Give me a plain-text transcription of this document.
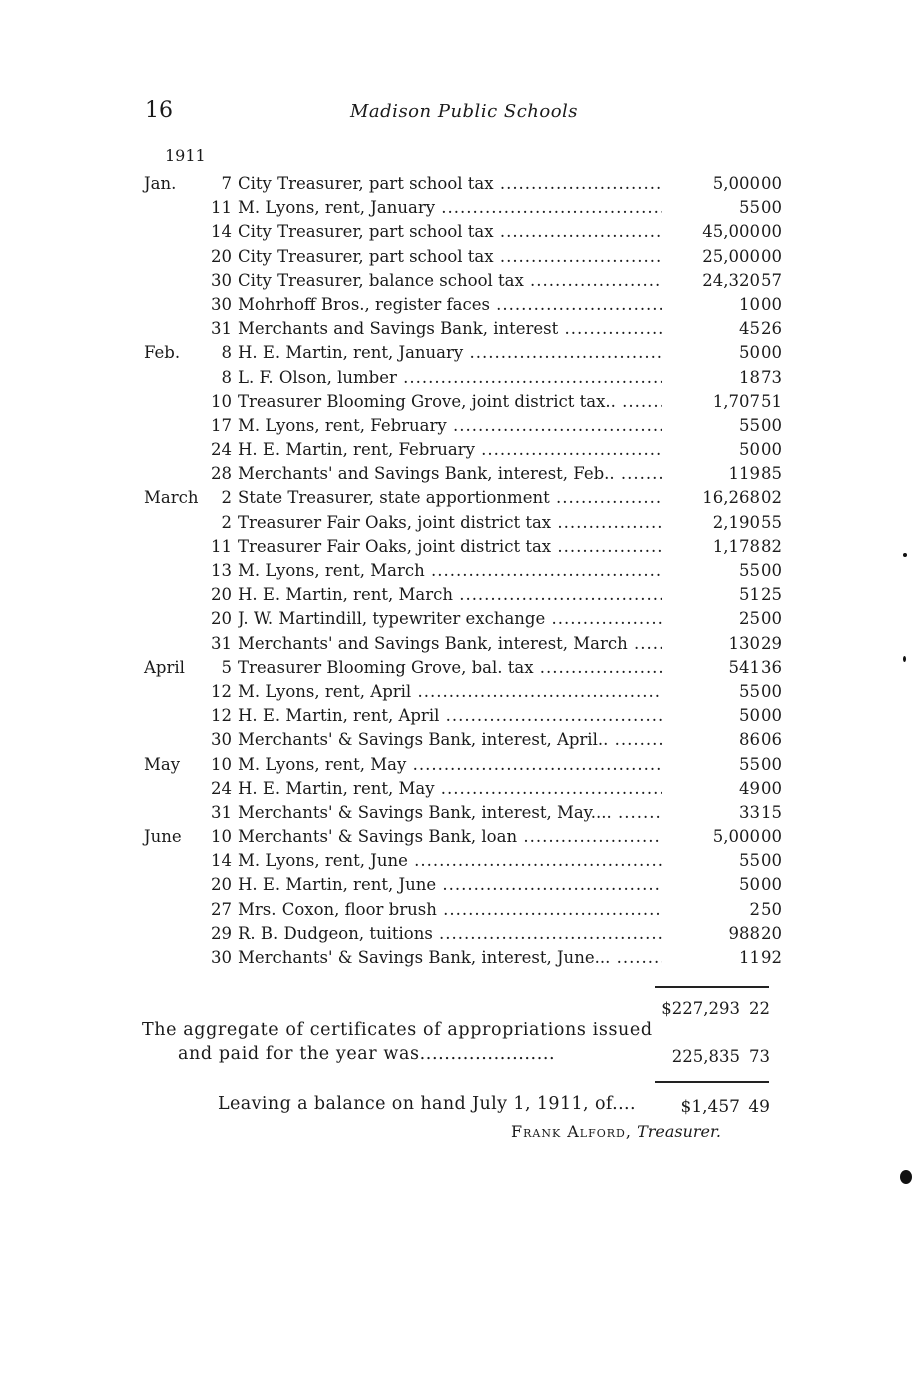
16	Madison Public Schools
1911
Jan.	7 City Treasurer, part school tax .....	5,000 00
11 M. Lyons, rent, January .....	55 00
14 City Treasurer, part school tax .....	45,000 00
20 City Treasurer, part school tax .....	25,000 00
30 City Treasurer, balance school tax .....	24,320 57
30 Mohrhoff Bros., register faces .....	10 00
31 Merchants and Savings Bank, interest .....	45 26
Feb.	8 H. E. Martin, rent, January .....	50 00
8 L. F. Olson, lumber .....	18 73
10 Treasurer Blooming Grove, joint district tax.. .....	1,707 51
17 M. Lyons, rent, February .....	55 00
24 H. E. Martin, rent, February .....	50 00
28 Merchants' and Savings Bank, interest, Feb.. .....	119 85
March	2 State Treasurer, state apportionment .....	16,268 02
2 Treasurer Fair Oaks, joint district tax .....	2,190 55
11 Treasurer Fair Oaks, joint district tax .....	1,178 82
13 M. Lyons, rent, March .....	55 00
20 H. E. Martin, rent, March .....	51 25
20 J. W. Martindill, typewriter exchange .....	25 00
31 Merchants' and Savings Bank, interest, March .....	130 29
April	5 Treasurer Blooming Grove, bal. tax .....	541 36
12 M. Lyons, rent, April .....	55 00
12 H. E. Martin, rent, April .....	50 00
30 Merchants' & Savings Bank, interest, April.. .....	86 06
May	10 M. Lyons, rent, May .....	55 00
24 H. E. Martin, rent, May .....	49 00
31 Merchants' & Savings Bank, interest, May.... .....	33 15
June	10 Merchants' & Savings Bank, loan .....	5,000 00
14 M. Lyons, rent, June .....	55 00
20 H. E. Martin, rent, June .....	50 00
27 Mrs. Coxon, floor brush .....	2 50
29 R. B. Dudgeon, tuitions .....	988 20
30 Merchants' & Savings Bank, interest, June... .....	11 92
$227,293 22
The aggregate of certificates of appropriations issued
and paid for the year was......................	225,835 73
Leaving a balance on hand July 1, 1911, of....	$1,457 49
Frank Alford, Treasurer.
